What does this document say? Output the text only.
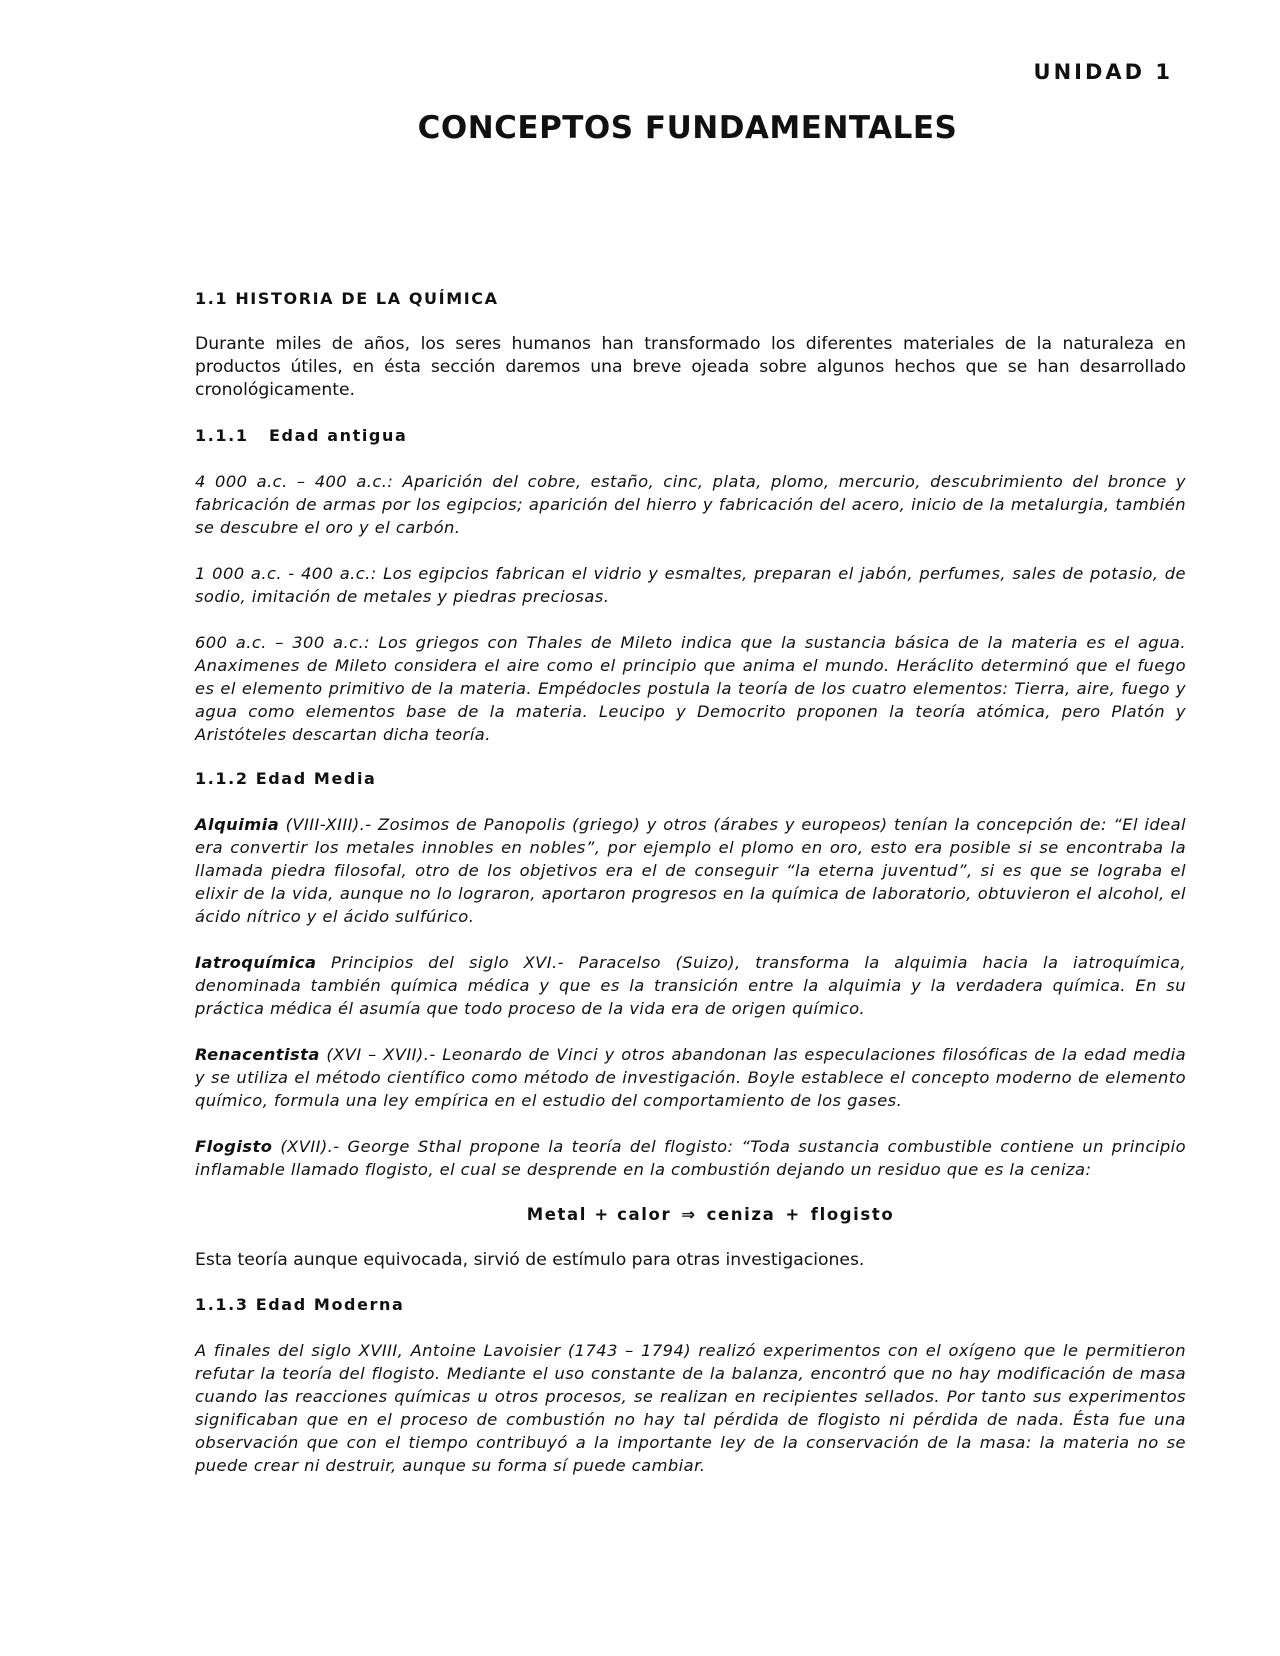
UNIDAD 1
CONCEPTOS FUNDAMENTALES
1.1 HISTORIA DE LA QUÍMICA

Durante miles de años, los seres humanos han transformado los diferentes materiales de la naturaleza en productos útiles, en ésta sección daremos una breve ojeada sobre algunos hechos que se han desarrollado cronológicamente.

1.1.1 Edad antigua

4 000 a.c. – 400 a.c.: Aparición del cobre, estaño, cinc, plata, plomo, mercurio, descubrimiento del bronce y fabricación de armas por los egipcios; aparición del hierro y fabricación del acero, inicio de la metalurgia, también se descubre el oro y el carbón.

1 000 a.c. - 400 a.c.: Los egipcios fabrican el vidrio y esmaltes, preparan el jabón, perfumes, sales de potasio, de sodio, imitación de metales y piedras preciosas.

600 a.c. – 300 a.c.: Los griegos con Thales de Mileto indica que la sustancia básica de la materia es el agua. Anaximenes de Mileto considera el aire como el principio que anima el mundo. Heráclito determinó que el fuego es el elemento primitivo de la materia. Empédocles postula la teoría de los cuatro elementos: Tierra, aire, fuego y agua como elementos base de la materia. Leucipo y Democrito proponen la teoría atómica, pero Platón y Aristóteles descartan dicha teoría.

1.1.2 Edad Media

Alquimia (VIII-XIII).- Zosimos de Panopolis (griego) y otros (árabes y europeos) tenían la concepción de: “El ideal era convertir los metales innobles en nobles”, por ejemplo el plomo en oro, esto era posible si se encontraba la llamada piedra filosofal, otro de los objetivos era el de conseguir “la eterna juventud”, si es que se lograba el elixir de la vida, aunque no lo lograron, aportaron progresos en la química de laboratorio, obtuvieron el alcohol, el ácido nítrico y el ácido sulfúrico.

Iatroquímica Principios del siglo XVI.- Paracelso (Suizo), transforma la alquimia hacia la iatroquímica, denominada también química médica y que es la transición entre la alquimia y la verdadera química. En su práctica médica él asumía que todo proceso de la vida era de origen químico.

Renacentista (XVI – XVII).- Leonardo de Vinci y otros abandonan las especulaciones filosóficas de la edad media y se utiliza el método científico como método de investigación. Boyle establece el concepto moderno de elemento químico, formula una ley empírica en el estudio del comportamiento de los gases.

Flogisto (XVII).- George Sthal propone la teoría del flogisto: “Toda sustancia combustible contiene un principio inflamable llamado flogisto, el cual se desprende en la combustión dejando un residuo que es la ceniza:

Metal + calor ⇒ ceniza + flogisto

Esta teoría aunque equivocada, sirvió de estímulo para otras investigaciones.

1.1.3 Edad Moderna

A finales del siglo XVIII, Antoine Lavoisier (1743 – 1794) realizó experimentos con el oxígeno que le permitieron refutar la teoría del flogisto. Mediante el uso constante de la balanza, encontró que no hay modificación de masa cuando las reacciones químicas u otros procesos, se realizan en recipientes sellados. Por tanto sus experimentos significaban que en el proceso de combustión no hay tal pérdida de flogisto ni pérdida de nada. Ésta fue una observación que con el tiempo contribuyó a la importante ley de la conservación de la masa: la materia no se puede crear ni destruir, aunque su forma sí puede cambiar.
